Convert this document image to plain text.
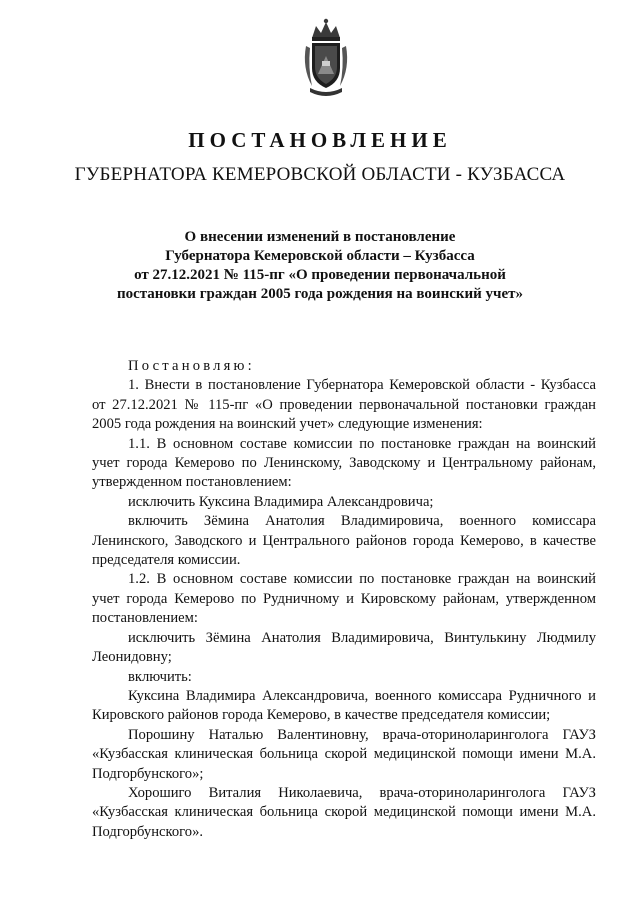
ПОСТАНОВЛЕНИЕ
ГУБЕРНАТОРА КЕМЕРОВСКОЙ ОБЛАСТИ - КУЗБАССА
О внесении изменений в постановление
Губернатора Кемеровской области – Кузбасса
от 27.12.2021 № 115-пг «О проведении первоначальной
постановки граждан 2005 года рождения на воинский учет»

Постановляю:

1. Внести в постановление Губернатора Кемеровской области - Кузбасса от 27.12.2021 № 115-пг «О проведении первоначальной постановки граждан 2005 года рождения на воинский учет» следующие изменения:

1.1. В основном составе комиссии по постановке граждан на воинский учет города Кемерово по Ленинскому, Заводскому и Центральному районам, утвержденном постановлением:

исключить Куксина Владимира Александровича;

включить Зёмина Анатолия Владимировича, военного комиссара Ленинского, Заводского и Центрального районов города Кемерово, в качестве председателя комиссии.

1.2. В основном составе комиссии по постановке граждан на воинский учет города Кемерово по Рудничному и Кировскому районам, утвержденном постановлением:

исключить Зёмина Анатолия Владимировича, Винтулькину Людмилу Леонидовну;

включить:

Куксина Владимира Александровича, военного комиссара Рудничного и Кировского районов города Кемерово, в качестве председателя комиссии;

Порошину Наталью Валентиновну, врача-оториноларинголога ГАУЗ «Кузбасская клиническая больница скорой медицинской помощи имени М.А. Подгорбунского»;

Хорошиго Виталия Николаевича, врача-оториноларинголога ГАУЗ «Кузбасская клиническая больница скорой медицинской помощи имени М.А. Подгорбунского».
